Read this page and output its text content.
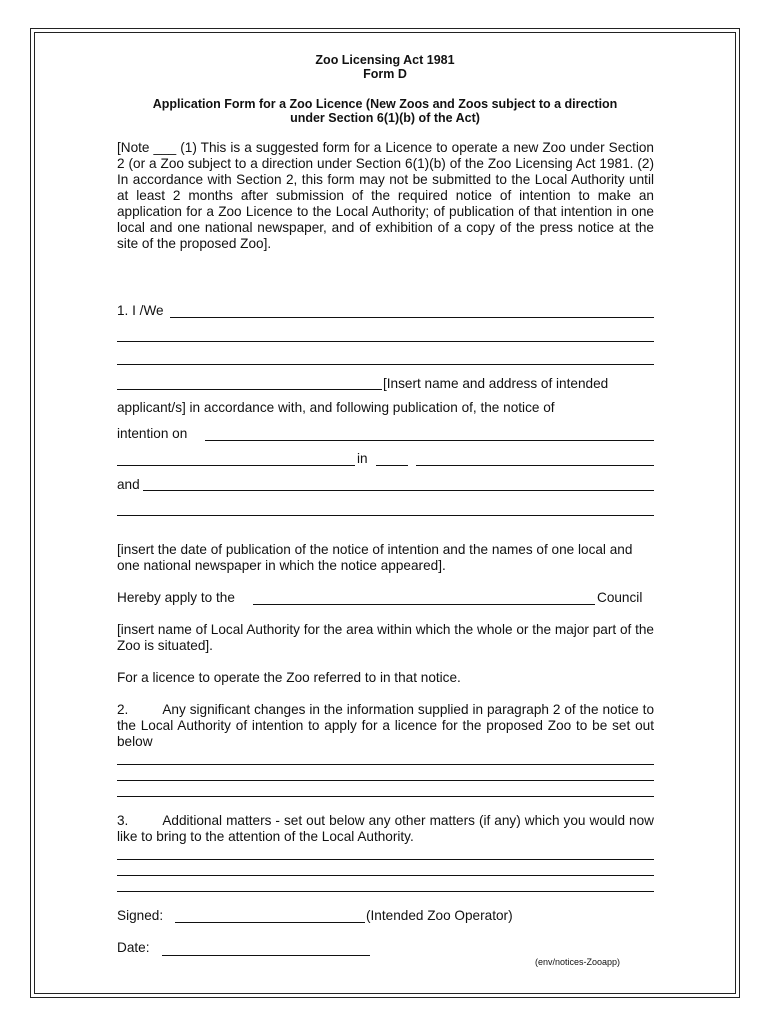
Zoo Licensing Act 1981
Form D
Application Form for a Zoo Licence (New Zoos and Zoos subject to a direction
under Section 6(1)(b) of the Act)
[Note ___ (1) This is a suggested form for a Licence to operate a new Zoo under Section 2 (or a Zoo subject to a direction under Section 6(1)(b) of the Zoo Licensing Act 1981. (2) In accordance with Section 2, this form may not be submitted to the Local Authority until at least 2 months after submission of the required notice of intention to make an application for a Zoo Licence to the Local Authority; of publication of that intention in one local and one national newspaper, and of exhibition of a copy of the press notice at the site of the proposed Zoo].
1. I /We
[Insert name and address of intended
applicant/s] in accordance with, and following publication of, the notice of
intention on
in
and
[insert the date of publication of the notice of intention and the names of one local and one national newspaper in which the notice appeared].
Hereby apply to the	Council
[insert name of Local Authority for the area within which the whole or the major part of the Zoo is situated].
For a licence to operate the Zoo referred to in that notice.
2.	Any significant changes in the information supplied in paragraph 2 of the notice to the Local Authority of intention to apply for a licence for the proposed Zoo to be set out below
3.	Additional matters - set out below any other matters (if any) which you would now like to bring to the attention of the Local Authority.
Signed:	(Intended Zoo Operator)
Date:
(env/notices-Zooapp)
